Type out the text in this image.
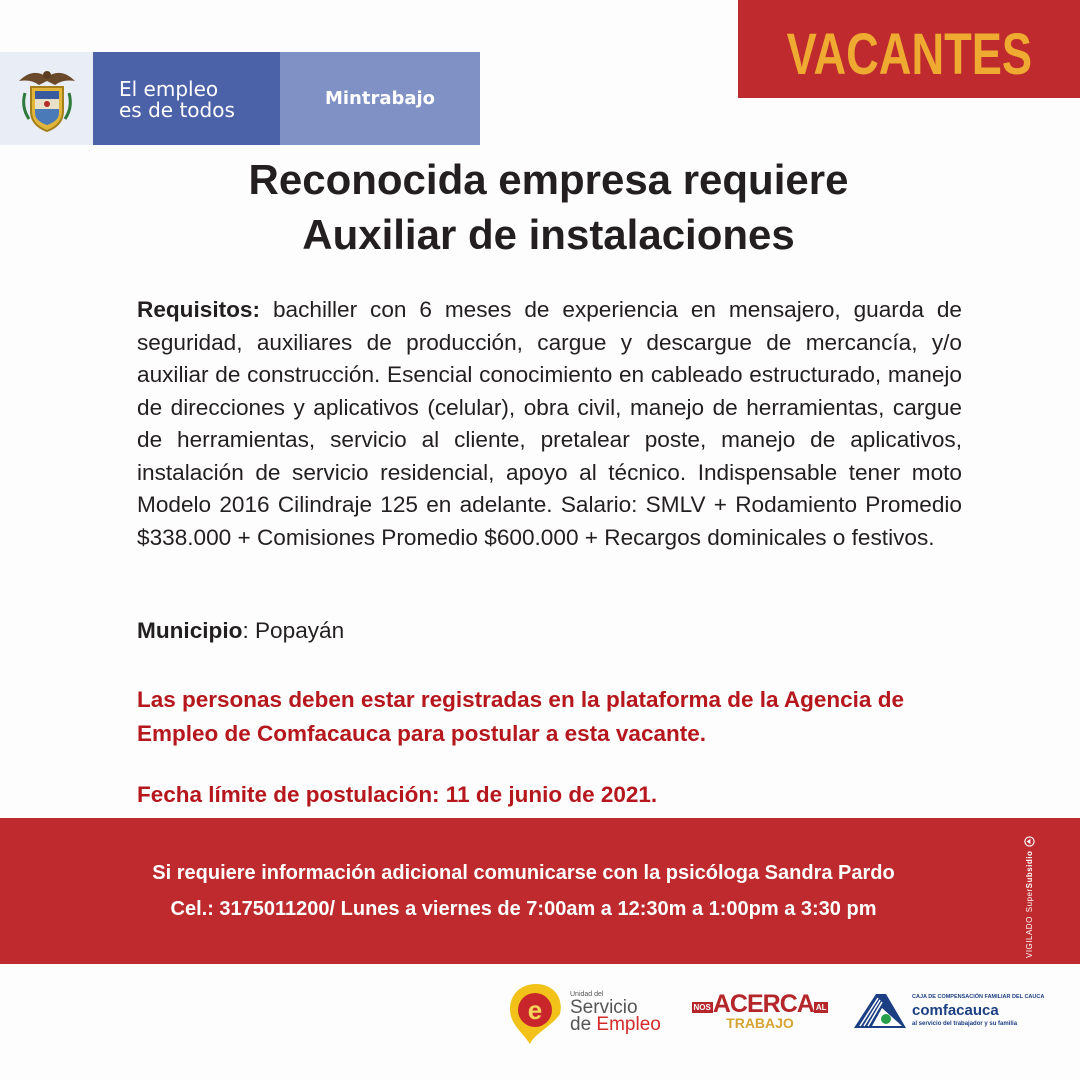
El empleo
es de todos	Mintrabajo
VACANTES
Reconocida empresa requiere
Auxiliar de instalaciones

Requisitos: bachiller con 6 meses de experiencia en mensajero, guarda de seguridad, auxiliares de producción, cargue y descargue de mercancía, y/o auxiliar de construcción. Esencial conocimiento en cableado estructurado, manejo de direcciones y aplicativos (celular), obra civil, manejo de herramientas, cargue de herramientas, servicio al cliente, pretalear poste, manejo de aplicativos, instalación de servicio residencial, apoyo al técnico. Indispensable tener moto Modelo 2016 Cilindraje 125 en adelante. Salario: SMLV + Rodamiento Promedio $338.000 + Comisiones Promedio $600.000 + Recargos dominicales o festivos.

Municipio: Popayán
Las personas deben estar registradas en la plataforma de la Agencia de Empleo de Comfacauca para postular a esta vacante.
Fecha límite de postulación: 11 de junio de 2021.
Si requiere información adicional comunicarse con la psicóloga Sandra Pardo
Cel.: 3175011200/ Lunes a viernes de 7:00am a 12:30m a 1:00pm a 3:30 pm
VIGILADO
SuperSubsidio
e
Unidad del
Servicio
de Empleo
NOS ACERCA AL
TRABAJO
CAJA DE COMPENSACIÓN FAMILIAR DEL CAUCA
comfacauca
al servicio del trabajador y su familia
